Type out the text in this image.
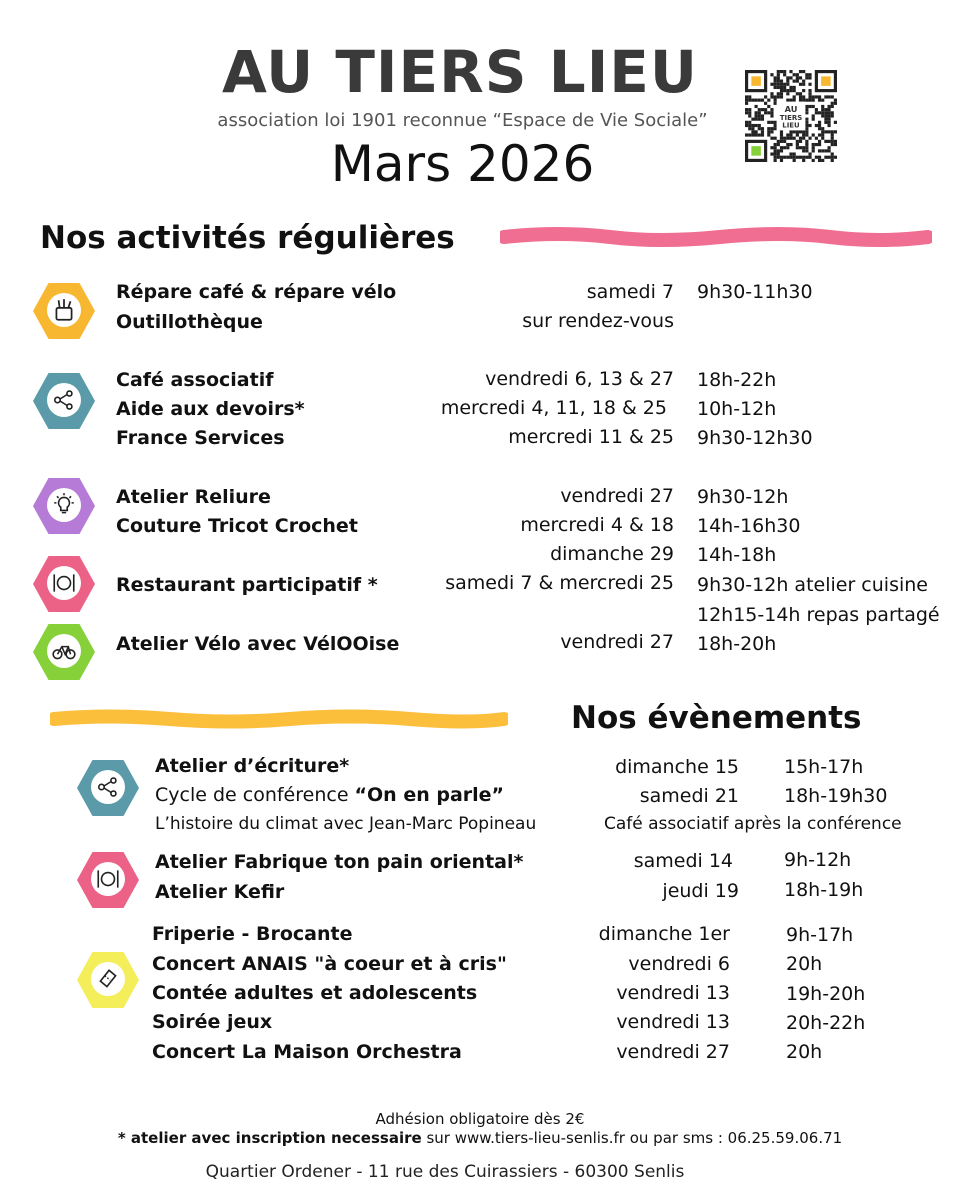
AU TIERS LIEU
association loi 1901 reconnue “Espace de Vie Sociale”
Mars 2026
AU
TIERS
LIEU
Nos activités régulières
Répare café & répare vélo	samedi 7 9h30-11h30
Outillothèque	sur rendez-vous
Café associatif	vendredi 6, 13 & 27 18h-22h
Aide aux devoirs*	mercredi 4, 11, 18 & 25 10h-12h
France Services	mercredi 11 & 25 9h30-12h30
Atelier Reliure	vendredi 27 9h30-12h
Couture Tricot Crochet	mercredi 4 & 18 14h-16h30
dimanche 29 14h-18h
Restaurant participatif *	samedi 7 & mercredi 25 9h30-12h atelier cuisine
12h15-14h repas partagé
Atelier Vélo avec VélOOise	vendredi 27 18h-20h
Nos évènements
Atelier d’écriture*	dimanche 15 15h-17h
Cycle de conférence “On en parle”	samedi 21 18h-19h30
L’histoire du climat avec Jean-Marc Popineau	Café associatif après la conférence
Atelier Fabrique ton pain oriental*	samedi 14	9h-12h
Atelier Kefir	jeudi 19 18h-19h
Friperie - Brocante	dimanche 1er	9h-17h
Concert ANAIS "à coeur et à cris"	vendredi 6	20h
Contée adultes et adolescents	vendredi 13	19h-20h
Soirée jeux	vendredi 13	20h-22h
Concert La Maison Orchestra	vendredi 27	20h
Adhésion obligatoire dès 2€
* atelier avec inscription necessaire sur www.tiers-lieu-senlis.fr ou par sms : 06.25.59.06.71
Quartier Ordener - 11 rue des Cuirassiers - 60300 Senlis
